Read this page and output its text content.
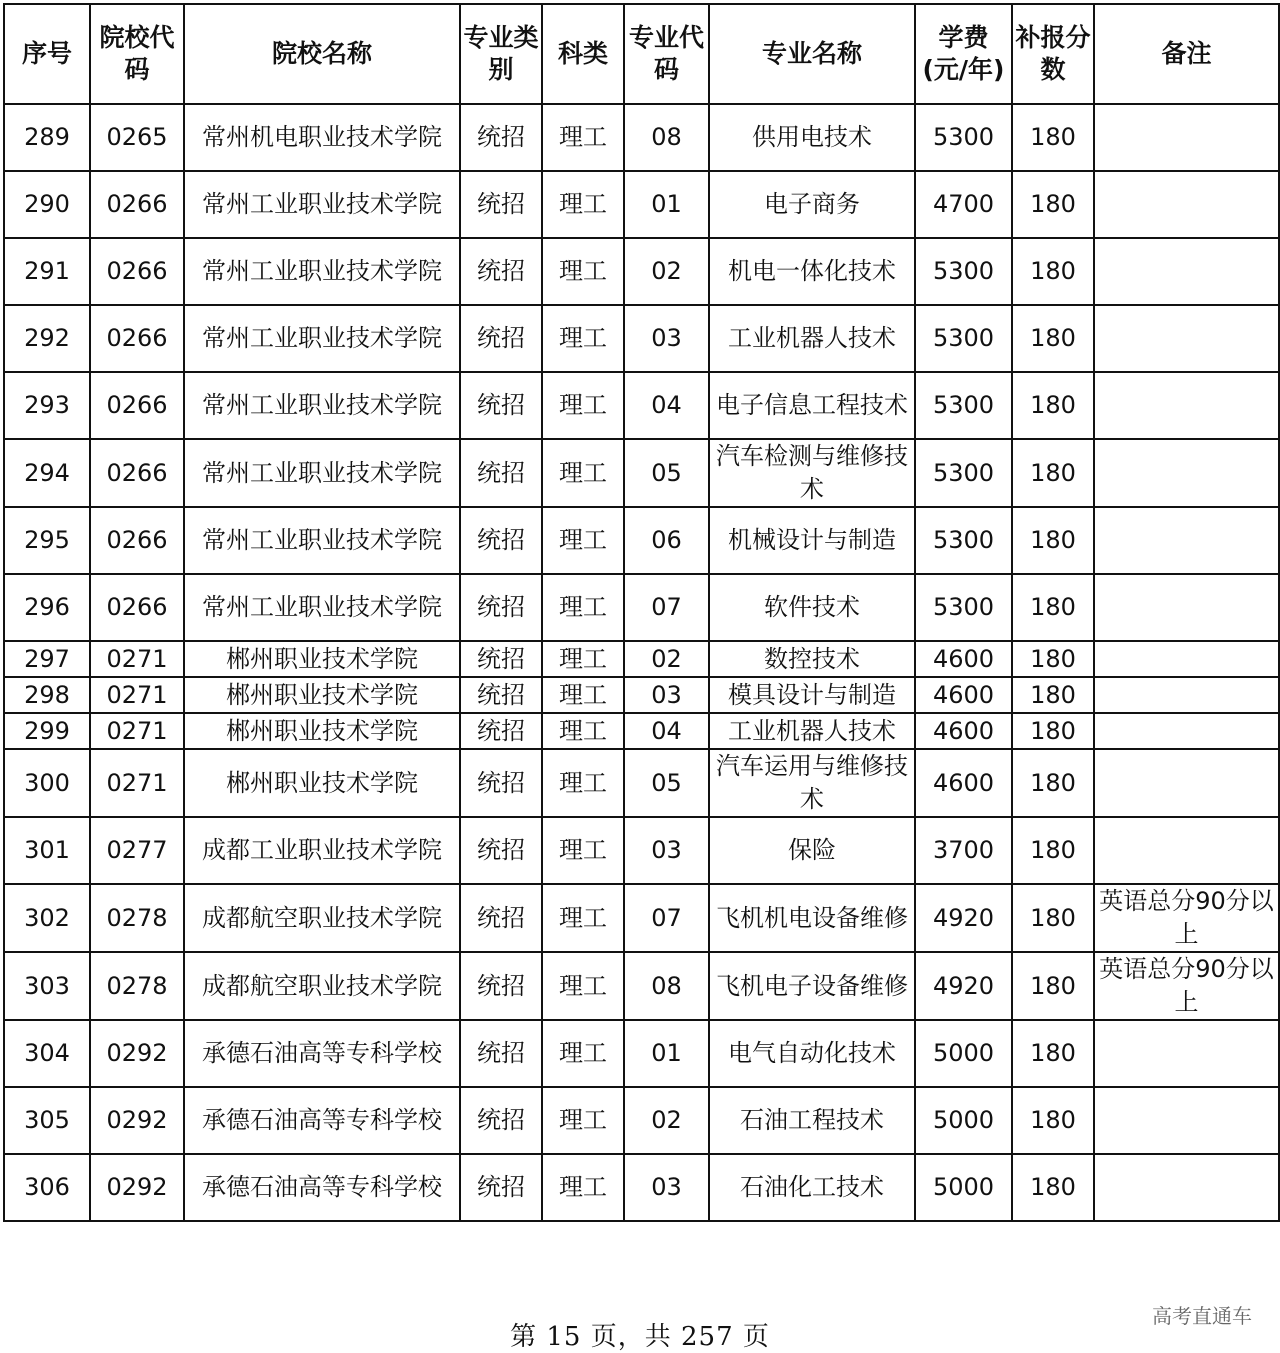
序号	院校代码	院校名称	专业类别	科类	专业代码	专业名称	学费(元/年)	补报分数	备注
289	0265	常州机电职业技术学院	统招	理工	08	供用电技术	5300	180	
290	0266	常州工业职业技术学院	统招	理工	01	电子商务	4700	180	
291	0266	常州工业职业技术学院	统招	理工	02	机电一体化技术	5300	180	
292	0266	常州工业职业技术学院	统招	理工	03	工业机器人技术	5300	180	
293	0266	常州工业职业技术学院	统招	理工	04	电子信息工程技术	5300	180	
294	0266	常州工业职业技术学院	统招	理工	05	汽车检测与维修技术	5300	180	
295	0266	常州工业职业技术学院	统招	理工	06	机械设计与制造	5300	180	
296	0266	常州工业职业技术学院	统招	理工	07	软件技术	5300	180	
297	0271	郴州职业技术学院	统招	理工	02	数控技术	4600	180	
298	0271	郴州职业技术学院	统招	理工	03	模具设计与制造	4600	180	
299	0271	郴州职业技术学院	统招	理工	04	工业机器人技术	4600	180	
300	0271	郴州职业技术学院	统招	理工	05	汽车运用与维修技术	4600	180	
301	0277	成都工业职业技术学院	统招	理工	03	保险	3700	180	
302	0278	成都航空职业技术学院	统招	理工	07	飞机机电设备维修	4920	180	英语总分90分以上
303	0278	成都航空职业技术学院	统招	理工	08	飞机电子设备维修	4920	180	英语总分90分以上
304	0292	承德石油高等专科学校	统招	理工	01	电气自动化技术	5000	180	
305	0292	承德石油高等专科学校	统招	理工	02	石油工程技术	5000	180	
306	0292	承德石油高等专科学校	统招	理工	03	石油化工技术	5000	180	
第 15 页，共 257 页
高考直通车
